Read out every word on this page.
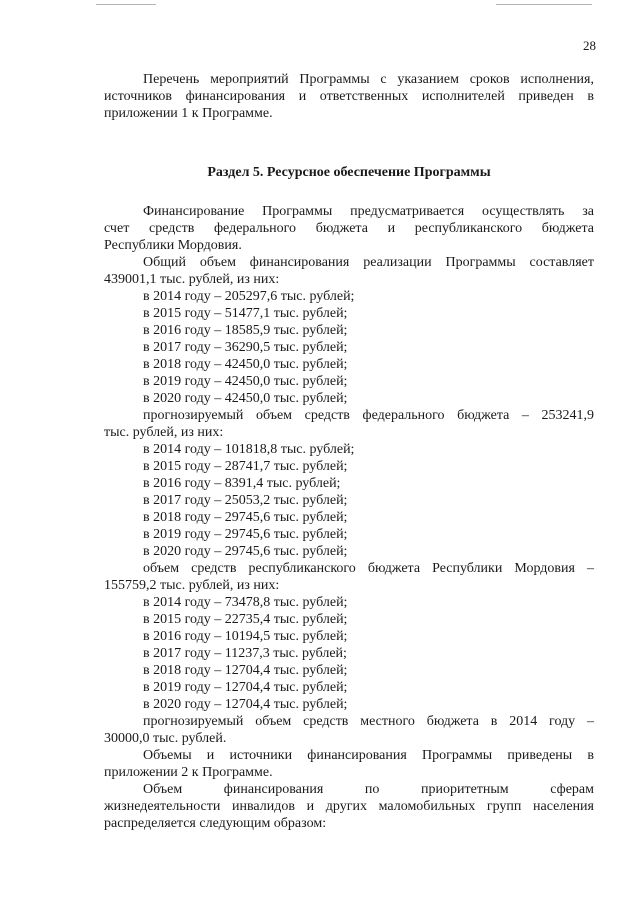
28

Перечень мероприятий Программы с указанием сроков исполнения,

источников финансирования и ответственных исполнителей приведен в

приложении 1 к Программе.

Раздел 5. Ресурсное обеспечение Программы

Финансирование Программы предусматривается осуществлять за

счет средств федерального бюджета и республиканского бюджета

Республики Мордовия.

Общий объем финансирования реализации Программы составляет

439001,1 тыс. рублей, из них:

в 2014 году – 205297,6 тыс. рублей;
в 2015 году – 51477,1 тыс. рублей;
в 2016 году – 18585,9 тыс. рублей;
в 2017 году – 36290,5 тыс. рублей;
в 2018 году – 42450,0 тыс. рублей;
в 2019 году – 42450,0 тыс. рублей;
в 2020 году – 42450,0 тыс. рублей;

прогнозируемый объем средств федерального бюджета – 253241,9

тыс. рублей, из них:

в 2014 году – 101818,8 тыс. рублей;
в 2015 году – 28741,7 тыс. рублей;
в 2016 году – 8391,4 тыс. рублей;
в 2017 году – 25053,2 тыс. рублей;
в 2018 году – 29745,6 тыс. рублей;
в 2019 году – 29745,6 тыс. рублей;
в 2020 году – 29745,6 тыс. рублей;

объем средств республиканского бюджета Республики Мордовия –

155759,2 тыс. рублей, из них:

в 2014 году – 73478,8 тыс. рублей;
в 2015 году – 22735,4 тыс. рублей;
в 2016 году – 10194,5 тыс. рублей;
в 2017 году – 11237,3 тыс. рублей;
в 2018 году – 12704,4 тыс. рублей;
в 2019 году – 12704,4 тыс. рублей;
в 2020 году – 12704,4 тыс. рублей;

прогнозируемый объем средств местного бюджета в 2014 году –

30000,0 тыс. рублей.

Объемы и источники финансирования Программы приведены в

приложении 2 к Программе.

Объем	финансирования	по	приоритетным	сферам

жизнедеятельности инвалидов и других маломобильных групп населения

распределяется следующим образом:
